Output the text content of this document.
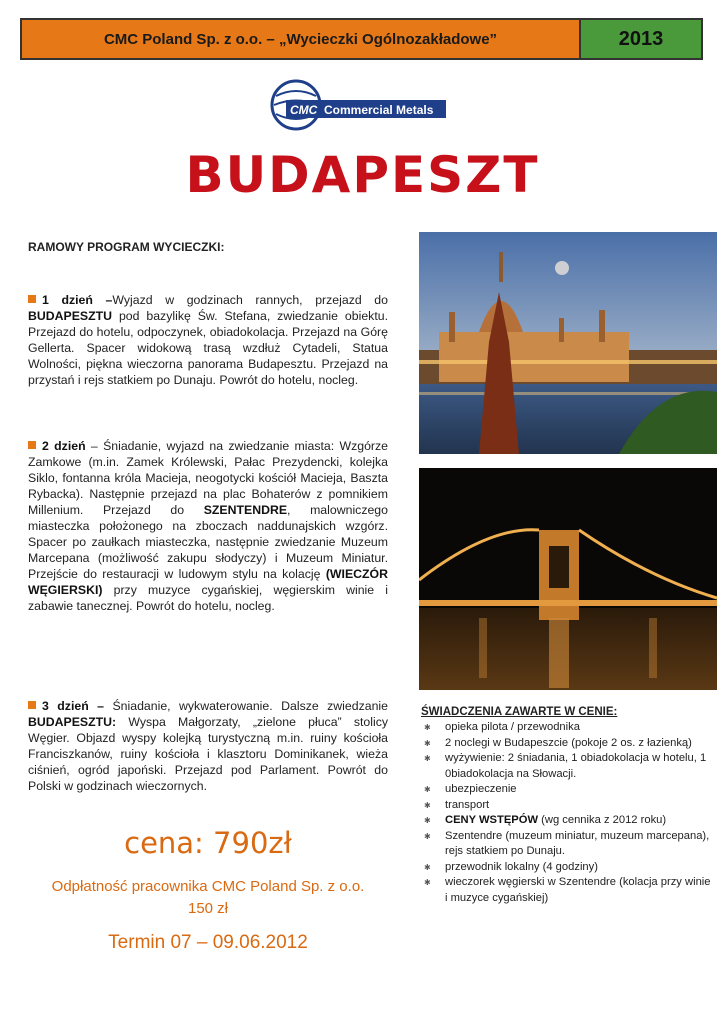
CMC Poland Sp. z o.o. – „Wycieczki Ogólnozakładowe”	2013
CMC Commercial Metals
BUDAPESZT
RAMOWY PROGRAM WYCIECZKI:
1 dzień –Wyjazd w godzinach rannych, przejazd do BUDAPESZTU pod bazylikę Św. Stefana, zwiedzanie obiektu. Przejazd do hotelu, odpoczynek, obiadokolacja. Przejazd na Górę Gellerta. Spacer widokową trasą wzdłuż Cytadeli, Statua Wolności, piękna wieczorna panorama Budapesztu. Przejazd na przystań i rejs statkiem po Dunaju. Powrót do hotelu, nocleg.
2 dzień – Śniadanie, wyjazd na zwiedzanie miasta: Wzgórze Zamkowe (m.in. Zamek Królewski, Pałac Prezydencki, kolejka Siklo, fontanna króla Macieja, neogotycki kościół Macieja, Baszta Rybacka). Następnie przejazd na plac Bohaterów z pomnikiem Millenium. Przejazd do SZENTENDRE, malowniczego miasteczka położonego na zboczach naddunajskich wzgórz. Spacer po zaułkach miasteczka, następnie zwiedzanie Muzeum Marcepana (możliwość zakupu słodyczy) i Muzeum Miniatur. Przejście do restauracji w ludowym stylu na kolację (WIECZÓR WĘGIERSKI) przy muzyce cygańskiej, węgierskim winie i zabawie tanecznej. Powrót do hotelu, nocleg.
3 dzień – Śniadanie, wykwaterowanie. Dalsze zwiedzanie BUDAPESZTU: Wyspa Małgorzaty, „zielone płuca” stolicy Węgier. Objazd wyspy kolejką turystyczną m.in. ruiny kościoła Franciszkanów, ruiny kościoła i klasztoru Dominikanek, wieża ciśnień, ogród japoński. Przejazd pod Parlament. Powrót do Polski w godzinach wieczornych.
cena: 790zł
Odpłatność pracownika CMC Poland Sp. z o.o.
150 zł
Termin 07 – 09.06.2012
ŚWIADCZENIA ZAWARTE W CENIE:
✱ opieka pilota / przewodnika
✱ 2 noclegi w Budapeszcie (pokoje 2 os. z łazienką)
✱ wyżywienie: 2 śniadania, 1 obiadokolacja w hotelu, 1 0biadokolacja na Słowacji.
✱ ubezpieczenie
✱ transport
✱ CENY WSTĘPÓW (wg cennika z 2012 roku)
✱ Szentendre (muzeum miniatur, muzeum marcepana), rejs statkiem po Dunaju.
✱ przewodnik lokalny (4 godziny)
✱ wieczorek węgierski w Szentendre (kolacja przy winie i muzyce cygańskiej)
